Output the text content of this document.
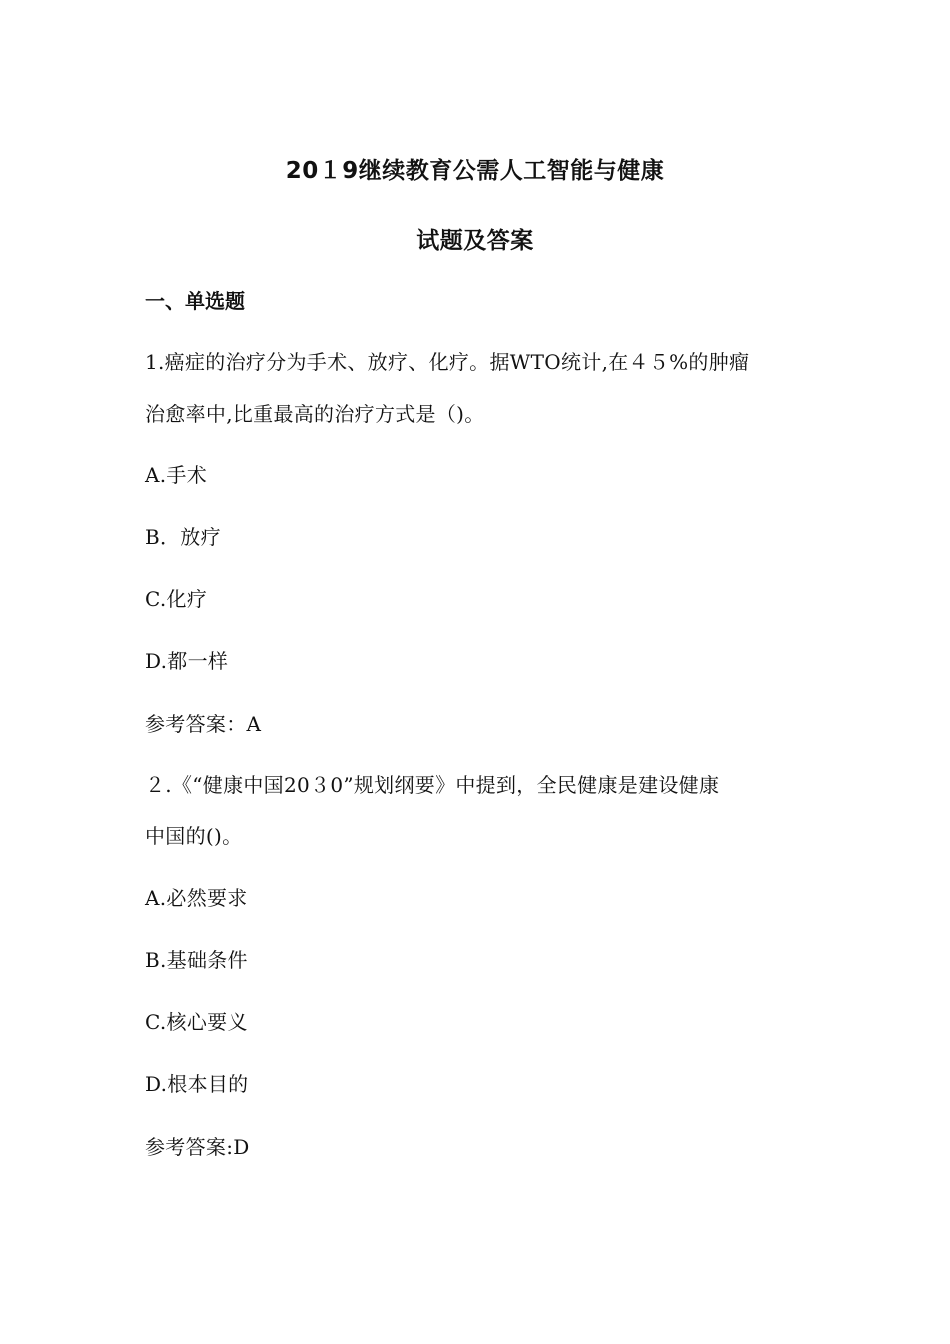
20１9继续教育公需人工智能与健康
试题及答案
一、单选题
1.癌症的治疗分为手术、放疗、化疗。据WTO统计,在４５%的肿瘤
治愈率中,比重最高的治疗方式是（)。
A.手术
B．放疗
C.化疗
D.都一样
参考答案：A
２.《“健康中国20３0”规划纲要》中提到，全民健康是建设健康
中国的()。
A.必然要求
B.基础条件
C.核心要义
D.根本目的
参考答案:D
